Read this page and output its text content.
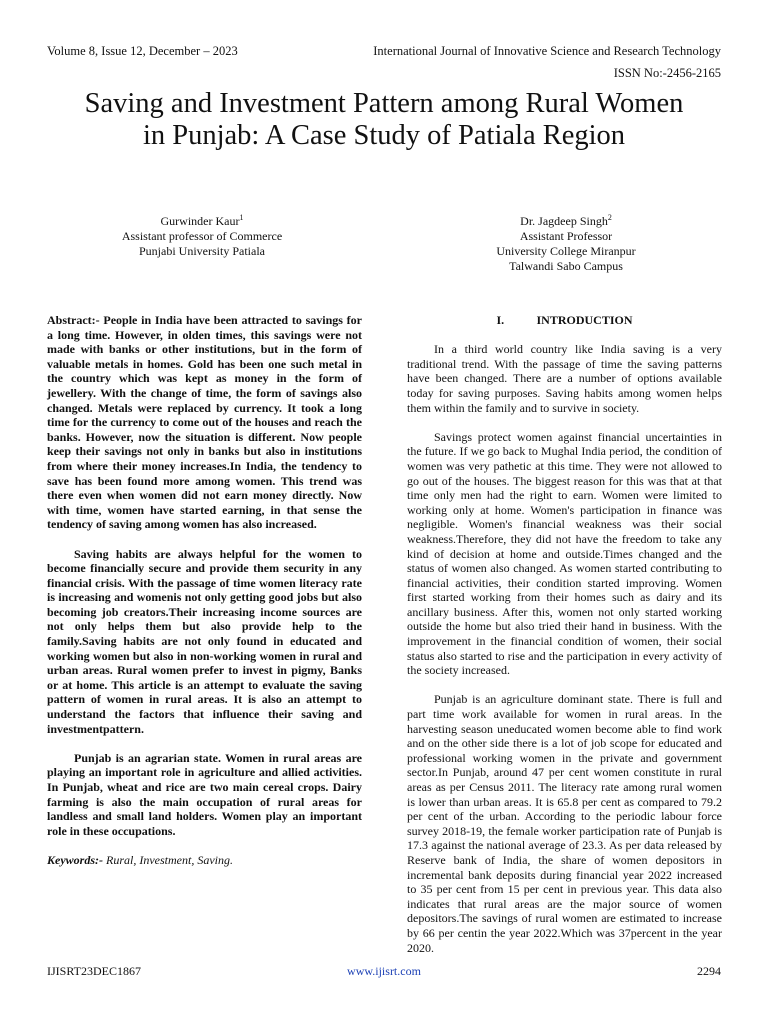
Volume 8, Issue 12, December – 2023	International Journal of Innovative Science and Research Technology
ISSN No:-2456-2165
Saving and Investment Pattern among Rural Women in Punjab: A Case Study of Patiala Region
Gurwinder Kaur$^1$
Assistant professor of Commerce
Punjabi University Patiala
Dr. Jagdeep Singh$^2$
Assistant Professor
University College Miranpur
Talwandi Sabo Campus

Abstract:- People in India have been attracted to savings for a long time. However, in olden times, this savings were not made with banks or other institutions, but in the form of valuable metals in homes. Gold has been one such metal in the country which was kept as money in the form of jewellery. With the change of time, the form of savings also changed. Metals were replaced by currency. It took a long time for the currency to come out of the houses and reach the banks. However, now the situation is different. Now people keep their savings not only in banks but also in institutions from where their money increases.In India, the tendency to save has been found more among women. This trend was there even when women did not earn money directly. Now with time, women have started earning, in that sense the tendency of saving among women has also increased.

Saving habits are always helpful for the women to become financially secure and provide them security in any financial crisis. With the passage of time women literacy rate is increasing and womenis not only getting good jobs but also becoming job creators.Their increasing income sources are not only helps them but also provide help to the family.Saving habits are not only found in educated and working women but also in non-working women in rural and urban areas. Rural women prefer to invest in pigmy, Banks or at home. This article is an attempt to evaluate the saving pattern of women in rural areas. It is also an attempt to understand the factors that influence their saving and investmentpattern.

Punjab is an agrarian state. Women in rural areas are playing an important role in agriculture and allied activities. In Punjab, wheat and rice are two main cereal crops. Dairy farming is also the main occupation of rural areas for landless and small land holders. Women play an important role in these occupations.

Keywords:- Rural, Investment, Saving.

I.	INTRODUCTION

In a third world country like India saving is a very traditional trend. With the passage of time the saving patterns have been changed. There are a number of options available today for saving purposes. Saving habits among women helps them within the family and to survive in society.

Savings protect women against financial uncertainties in the future. If we go back to Mughal India period, the condition of women was very pathetic at this time. They were not allowed to go out of the houses. The biggest reason for this was that at that time only men had the right to earn. Women were limited to working only at home. Women's participation in finance was negligible. Women's financial weakness was their social weakness.Therefore, they did not have the freedom to take any kind of decision at home and outside.Times changed and the status of women also changed. As women started contributing to financial activities, their condition started improving. Women first started working from their homes such as dairy and its ancillary business. After this, women not only started working outside the home but also tried their hand in business. With the improvement in the financial condition of women, their social status also started to rise and the participation in every activity of the society increased.

Punjab is an agriculture dominant state. There is full and part time work available for women in rural areas. In the harvesting season uneducated women become able to find work and on the other side there is a lot of job scope for educated and professional working women in the private and government sector.In Punjab, around 47 per cent women constitute in rural areas as per Census 2011. The literacy rate among rural women is lower than urban areas. It is 65.8 per cent as compared to 79.2 per cent of the urban. According to the periodic labour force survey 2018-19, the female worker participation rate of Punjab is 17.3 against the national average of 23.3. As per data released by Reserve bank of India, the share of women depositors in incremental bank deposits during financial year 2022 increased to 35 per cent from 15 per cent in previous year. This data also indicates that rural areas are the major source of women depositors.The savings of rural women are estimated to increase by 66 per centin the year 2022.Which was 37percent in the year 2020.

IJISRT23DEC1867	www.ijisrt.com	2294
